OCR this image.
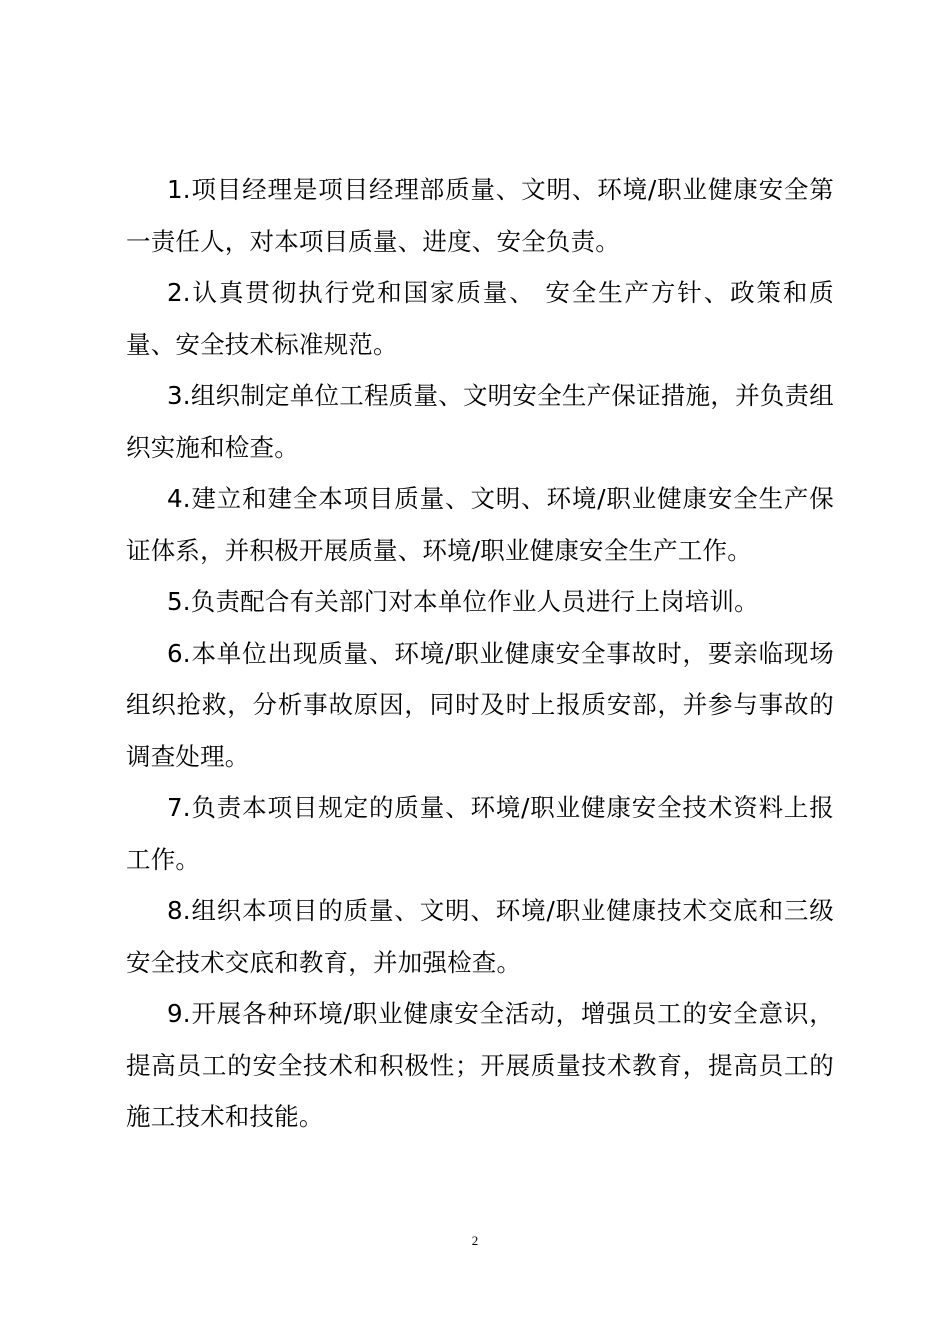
1.项目经理是项目经理部质量、文明、环境/职业健康安全第一责任人，对本项目质量、进度、安全负责。

2.认真贯彻执行党和国家质量、 安全生产方针、政策和质量、安全技术标准规范。

3.组织制定单位工程质量、文明安全生产保证措施，并负责组织实施和检查。

4.建立和建全本项目质量、文明、环境/职业健康安全生产保证体系，并积极开展质量、环境/职业健康安全生产工作。

5.负责配合有关部门对本单位作业人员进行上岗培训。

6.本单位出现质量、环境/职业健康安全事故时，要亲临现场组织抢救，分析事故原因，同时及时上报质安部，并参与事故的调查处理。

7.负责本项目规定的质量、环境/职业健康安全技术资料上报工作。

8.组织本项目的质量、文明、环境/职业健康技术交底和三级安全技术交底和教育，并加强检查。

9.开展各种环境/职业健康安全活动，增强员工的安全意识，提高员工的安全技术和积极性；开展质量技术教育，提高员工的施工技术和技能。

2
